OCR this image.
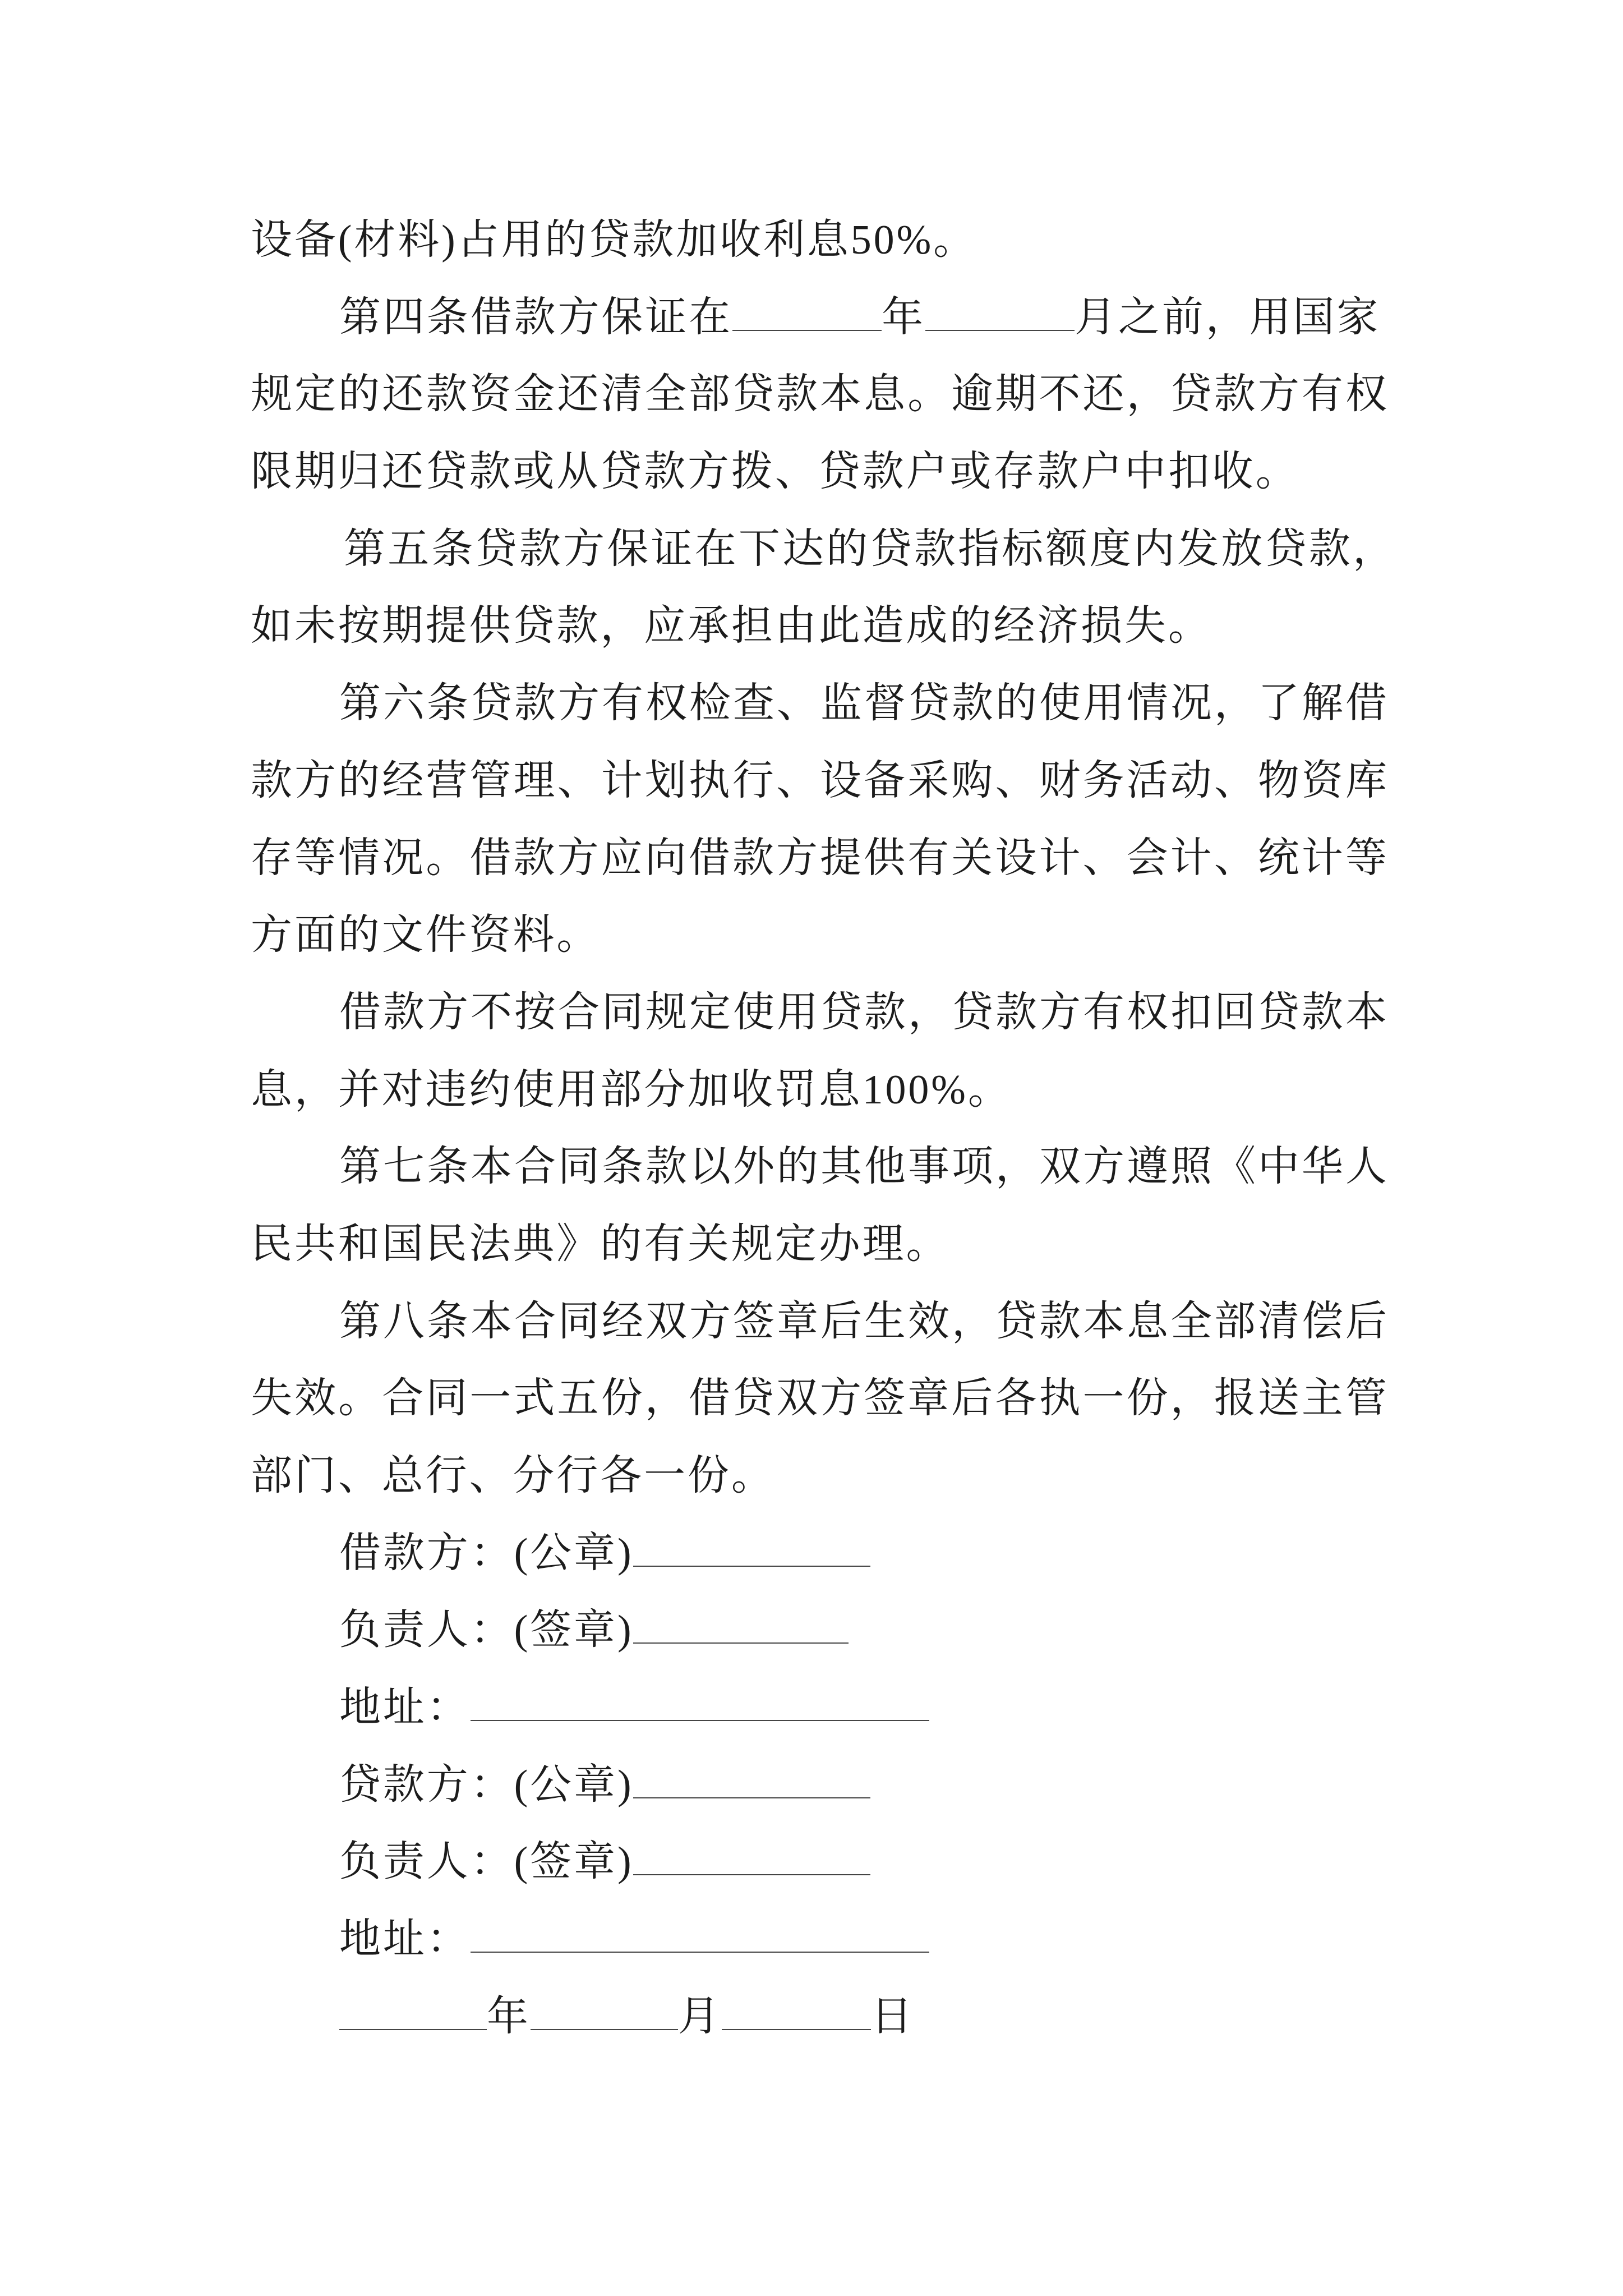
设备(材料)占用的贷款加收利息50%。
第四条借款方保证在	年	月之前，用国家
规定的还款资金还清全部贷款本息。逾期不还，贷款方有权
限期归还贷款或从贷款方拨、贷款户或存款户中扣收。
第五条贷款方保证在下达的贷款指标额度内发放贷款，
如未按期提供贷款，应承担由此造成的经济损失。
第六条贷款方有权检查、监督贷款的使用情况，了解借
款方的经营管理、计划执行、设备采购、财务活动、物资库
存等情况。借款方应向借款方提供有关设计、会计、统计等
方面的文件资料。
借款方不按合同规定使用贷款，贷款方有权扣回贷款本
息，并对违约使用部分加收罚息100%。
第七条本合同条款以外的其他事项，双方遵照《中华人
民共和国民法典》的有关规定办理。
第八条本合同经双方签章后生效，贷款本息全部清偿后
失效。合同一式五份，借贷双方签章后各执一份，报送主管
部门、总行、分行各一份。
借款方：(公章)
负责人：(签章)
地址：
贷款方：(公章)
负责人：(签章)
地址：
年	月	日
